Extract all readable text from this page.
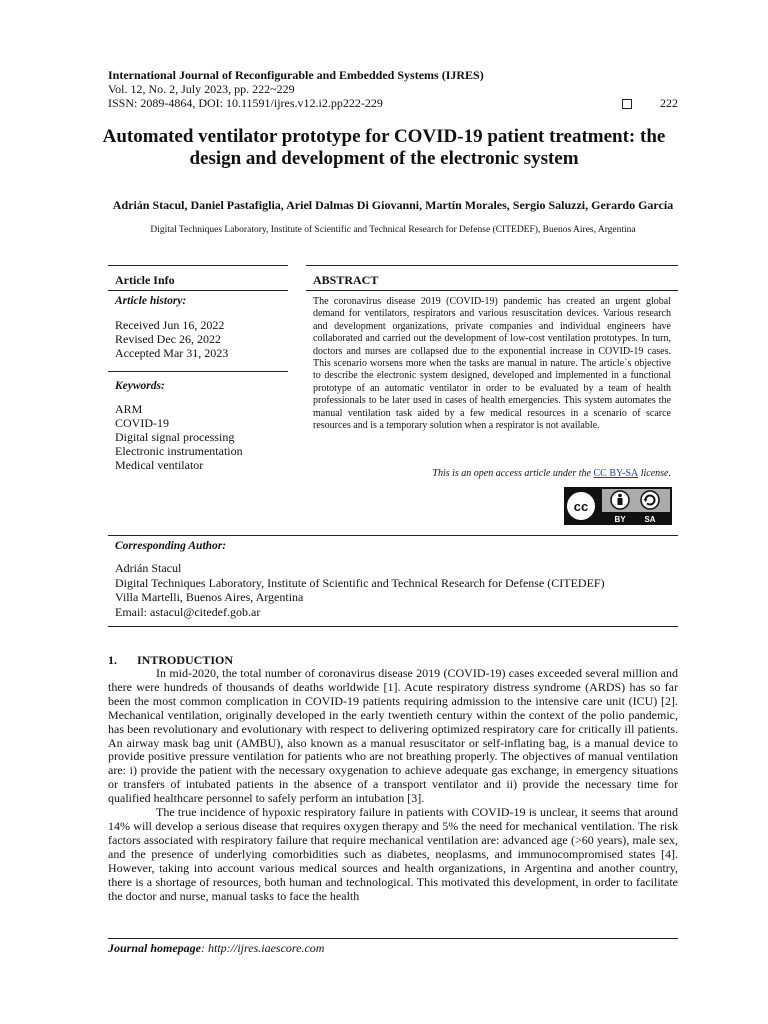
International Journal of Reconfigurable and Embedded Systems (IJRES)
Vol. 12, No. 2, July 2023, pp. 222~229
ISSN: 2089-4864, DOI: 10.11591/ijres.v12.i2.pp222-229	222
Automated ventilator prototype for COVID-19 patient treatment: the design and development of the electronic system
Adrián Stacul, Daniel Pastafiglia, Ariel Dalmas Di Giovanni, Martín Morales, Sergio Saluzzi, Gerardo García
Digital Techniques Laboratory, Institute of Scientific and Technical Research for Defense (CITEDEF), Buenos Aires, Argentina
Article Info
Article history:
Received Jun 16, 2022
Revised Dec 26, 2022
Accepted Mar 31, 2023
Keywords:
ARM
COVID-19
Digital signal processing
Electronic instrumentation
Medical ventilator
ABSTRACT
The coronavirus disease 2019 (COVID-19) pandemic has created an urgent global demand for ventilators, respirators and various resuscitation devices. Various research and development organizations, private companies and individual engineers have collaborated and carried out the development of low-cost ventilation prototypes. In turn, doctors and nurses are collapsed due to the exponential increase in COVID-19 cases. This scenario worsens more when the tasks are manual in nature. The article`s objective to describe the electronic system designed, developed and implemented in a functional prototype of an automatic ventilator in order to be evaluated by a team of health professionals to be later used in cases of health emergencies. This system automates the manual ventilation task aided by a few medical resources in a scenario of scarce resources and is a temporary solution when a respirator is not available.
This is an open access article under the CC BY-SA license.
cc
BY SA
Corresponding Author:
Adrián Stacul
Digital Techniques Laboratory, Institute of Scientific and Technical Research for Defense (CITEDEF)
Villa Martelli, Buenos Aires, Argentina
Email: astacul@citedef.gob.ar
1. INTRODUCTION

In mid-2020, the total number of coronavirus disease 2019 (COVID-19) cases exceeded several million and there were hundreds of thousands of deaths worldwide [1]. Acute respiratory distress syndrome (ARDS) has so far been the most common complication in COVID-19 patients requiring admission to the intensive care unit (ICU) [2]. Mechanical ventilation, originally developed in the early twentieth century within the context of the polio pandemic, has been revolutionary and evolutionary with respect to delivering optimized respiratory care for critically ill patients. An airway mask bag unit (AMBU), also known as a manual resuscitator or self-inflating bag, is a manual device to provide positive pressure ventilation for patients who are not breathing properly. The objectives of manual ventilation are: i) provide the patient with the necessary oxygenation to achieve adequate gas exchange, in emergency situations or transfers of intubated patients in the absence of a transport ventilator and ii) provide the necessary time for qualified healthcare personnel to safely perform an intubation [3].

The true incidence of hypoxic respiratory failure in patients with COVID-19 is unclear, it seems that around 14% will develop a serious disease that requires oxygen therapy and 5% the need for mechanical ventilation. The risk factors associated with respiratory failure that require mechanical ventilation are: advanced age (>60 years), male sex, and the presence of underlying comorbidities such as diabetes, neoplasms, and immunocompromised states [4]. However, taking into account various medical sources and health organizations, in Argentina and another country, there is a shortage of resources, both human and technological. This motivated this development, in order to facilitate the doctor and nurse, manual tasks to face the health

Journal homepage: http://ijres.iaescore.com
